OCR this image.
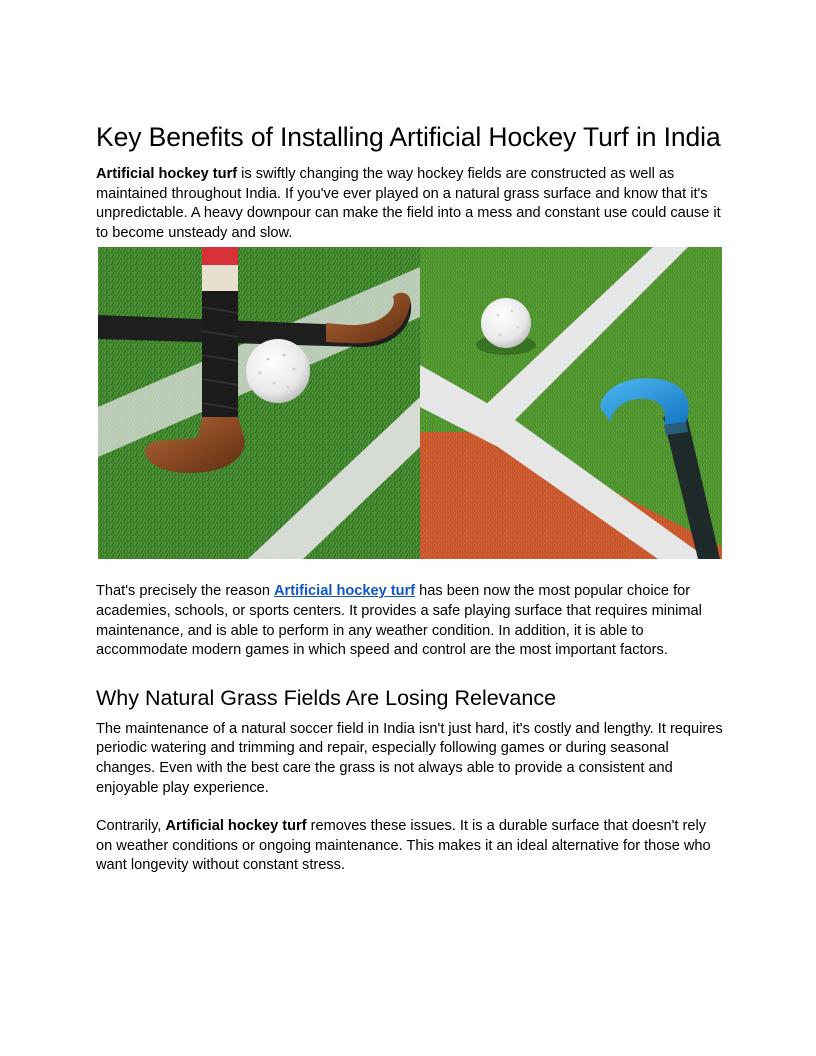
Key Benefits of Installing Artificial Hockey Turf in India

Artificial hockey turf is swiftly changing the way hockey fields are constructed as well as maintained throughout India. If you've ever played on a natural grass surface and know that it's unpredictable. A heavy downpour can make the field into a mess and constant use could cause it to become unsteady and slow.

That's precisely the reason Artificial hockey turf has been now the most popular choice for academies, schools, or sports centers. It provides a safe playing surface that requires minimal maintenance, and is able to perform in any weather condition. In addition, it is able to accommodate modern games in which speed and control are the most important factors.

Why Natural Grass Fields Are Losing Relevance

The maintenance of a natural soccer field in India isn't just hard, it's costly and lengthy. It requires periodic watering and trimming and repair, especially following games or during seasonal changes. Even with the best care the grass is not always able to provide a consistent and enjoyable play experience.

Contrarily, Artificial hockey turf removes these issues. It is a durable surface that doesn't rely on weather conditions or ongoing maintenance. This makes it an ideal alternative for those who want longevity without constant stress.
